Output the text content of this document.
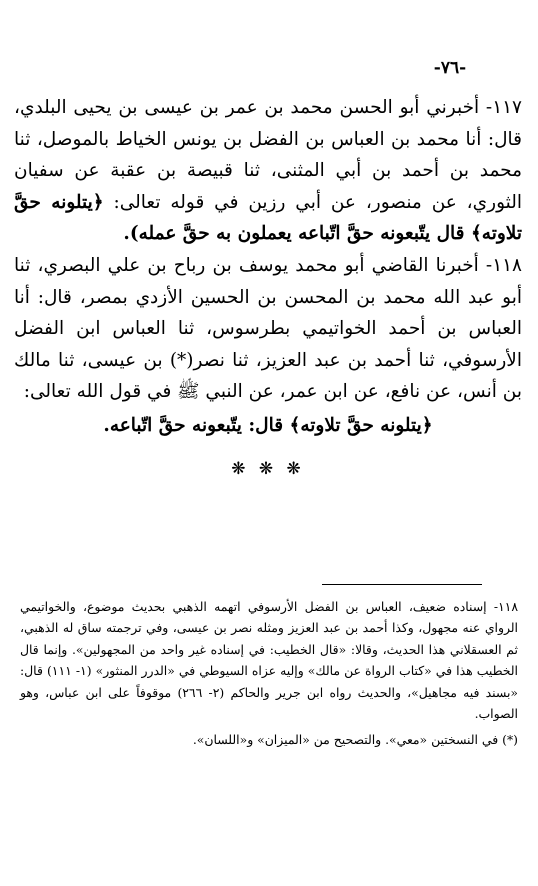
-٧٦-

١١٧- أخبرني أبو الحسن محمد بن عمر بن عيسى بن يحيى البلدي، قال: أنا محمد بن العباس بن الفضل بن يونس الخياط بالموصل، ثنا محمد بن أحمد بن أبي المثنى، ثنا قبيصة بن عقبة عن سفيان الثوري، عن منصور، عن أبي رزين في قوله تعالى: ﴿يتلونه حقَّ تلاوته﴾ قال يتّبعونه حقَّ اتّباعه يعملون به حقَّ عمله).

١١٨- أخبرنا القاضي أبو محمد يوسف بن رباح بن علي البصري، ثنا أبو عبد الله محمد بن المحسن بن الحسين الأزدي بمصر، قال: أنا العباس بن أحمد الخواتيمي بطرسوس، ثنا العباس ابن الفضل الأرسوفي، ثنا أحمد بن عبد العزيز، ثنا نصر(*) بن عيسى، ثنا مالك بن أنس، عن نافع، عن ابن عمر، عن النبي ﷺ في قول الله تعالى:

﴿يتلونه حقَّ تلاوته﴾ قال: يتّبعونه حقَّ اتّباعه.

❋ ❋ ❋

١١٨- إسناده ضعيف، العباس بن الفضل الأرسوفي اتهمه الذهبي بحديث موضوع، والخواتيمي الرواي عنه مجهول، وكذا أحمد بن عبد العزيز ومثله نصر بن عيسى، وفي ترجمته ساق له الذهبي، ثم العسقلاني هذا الحديث، وقالا: «قال الخطيب: في إسناده غير واحد من المجهولين». وإنما قال الخطيب هذا في «كتاب الرواة عن مالك» وإليه عزاه السيوطي في «الدرر المنثور» (١- ١١١) قال: «بسند فيه مجاهيل»، والحديث رواه ابن جرير والحاكم (٢- ٢٦٦) موقوفاً على ابن عباس، وهو الصواب.

(*) في النسختين «معي». والتصحيح من «الميزان» و«اللسان».
